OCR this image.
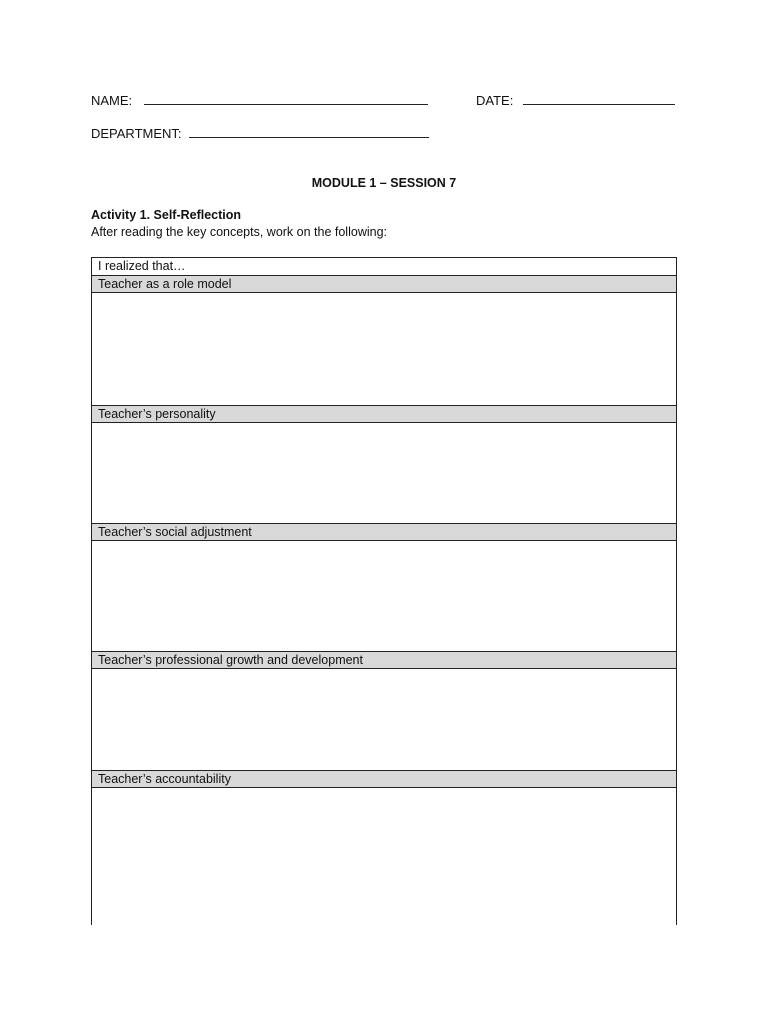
NAME:	DATE:
DEPARTMENT:
MODULE 1 – SESSION 7
Activity 1. Self-Reflection
After reading the key concepts, work on the following:
I realized that…
Teacher as a role model
Teacher’s personality
Teacher’s social adjustment
Teacher’s professional growth and development
Teacher’s accountability
